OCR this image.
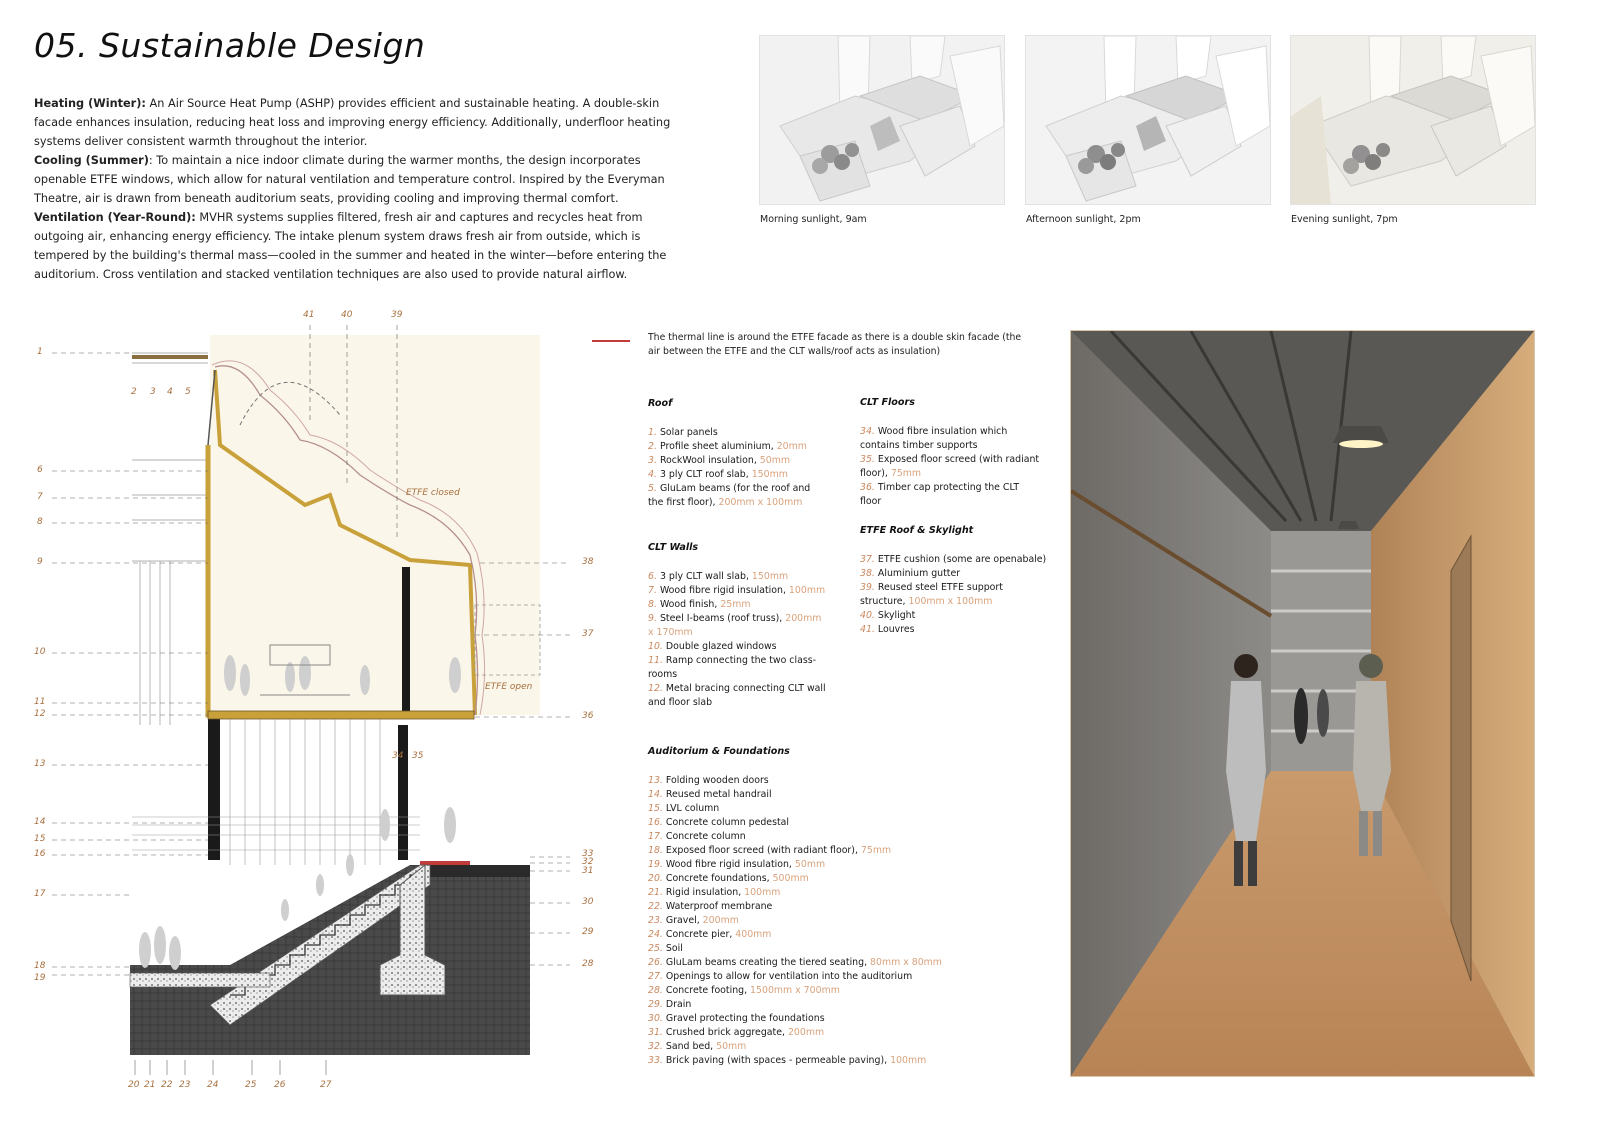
05. Sustainable Design

Heating (Winter): An Air Source Heat Pump (ASHP) provides efficient and sustainable heating. A double-skin facade enhances insulation, reducing heat loss and improving energy efficiency. Additionally, underfloor heating systems deliver consistent warmth throughout the interior.

Cooling (Summer): To maintain a nice indoor climate during the warmer months, the design incorporates openable ETFE windows, which allow for natural ventilation and temperature control. Inspired by the Everyman Theatre, air is drawn from beneath auditorium seats, providing cooling and improving thermal comfort.

Ventilation (Year-Round): MVHR systems supplies filtered, fresh air and captures and recycles heat from outgoing air, enhancing energy efficiency. The intake plenum system draws fresh air from outside, which is tempered by the building's thermal mass—cooled in the summer and heated in the winter—before entering the auditorium. Cross ventilation and stacked ventilation techniques are also used to provide natural airflow.

Morning sunlight, 9am	Afternoon sunlight, 2pm	Evening sunlight, 7pm
ETFE closed
ETFE open
1
6
7
8
9
10
11
12
13
14
15
16
17
18
19
41	40	39
2 3 4 5
38
37
36
33
32
31
30
29
28
20 21 22 23 24	25 26	27
34 35
The thermal line is around the ETFE facade as there is a double skin facade (the air between the ETFE and the CLT walls/roof acts as insulation)
Roof
1. Solar panels
2. Profile sheet aluminium, 20mm
3. RockWool insulation, 50mm
4. 3 ply CLT roof slab, 150mm
5. GluLam beams (for the roof and the first floor), 200mm x 100mm
CLT Walls
6. 3 ply CLT wall slab, 150mm
7. Wood fibre rigid insulation, 100mm
8. Wood finish, 25mm
9. Steel I-beams (roof truss), 200mm x 170mm
10. Double glazed windows
11. Ramp connecting the two class-rooms
12. Metal bracing connecting CLT wall and floor slab
Auditorium & Foundations
13. Folding wooden doors
14. Reused metal handrail
15. LVL column
16. Concrete column pedestal
17. Concrete column
18. Exposed floor screed (with radiant floor), 75mm
19. Wood fibre rigid insulation, 50mm
20. Concrete foundations, 500mm
21. Rigid insulation, 100mm
22. Waterproof membrane
23. Gravel, 200mm
24. Concrete pier, 400mm
25. Soil
26. GluLam beams creating the tiered seating, 80mm x 80mm
27. Openings to allow for ventilation into the auditorium
28. Concrete footing, 1500mm x 700mm
29. Drain
30. Gravel protecting the foundations
31. Crushed brick aggregate, 200mm
32. Sand bed, 50mm
33. Brick paving (with spaces - permeable paving), 100mm
CLT Floors
34. Wood fibre insulation which contains timber supports
35. Exposed floor screed (with radiant floor), 75mm
36. Timber cap protecting the CLT floor
ETFE Roof & Skylight
37. ETFE cushion (some are openabale)
38. Aluminium gutter
39. Reused steel ETFE support structure, 100mm x 100mm
40. Skylight
41. Louvres
